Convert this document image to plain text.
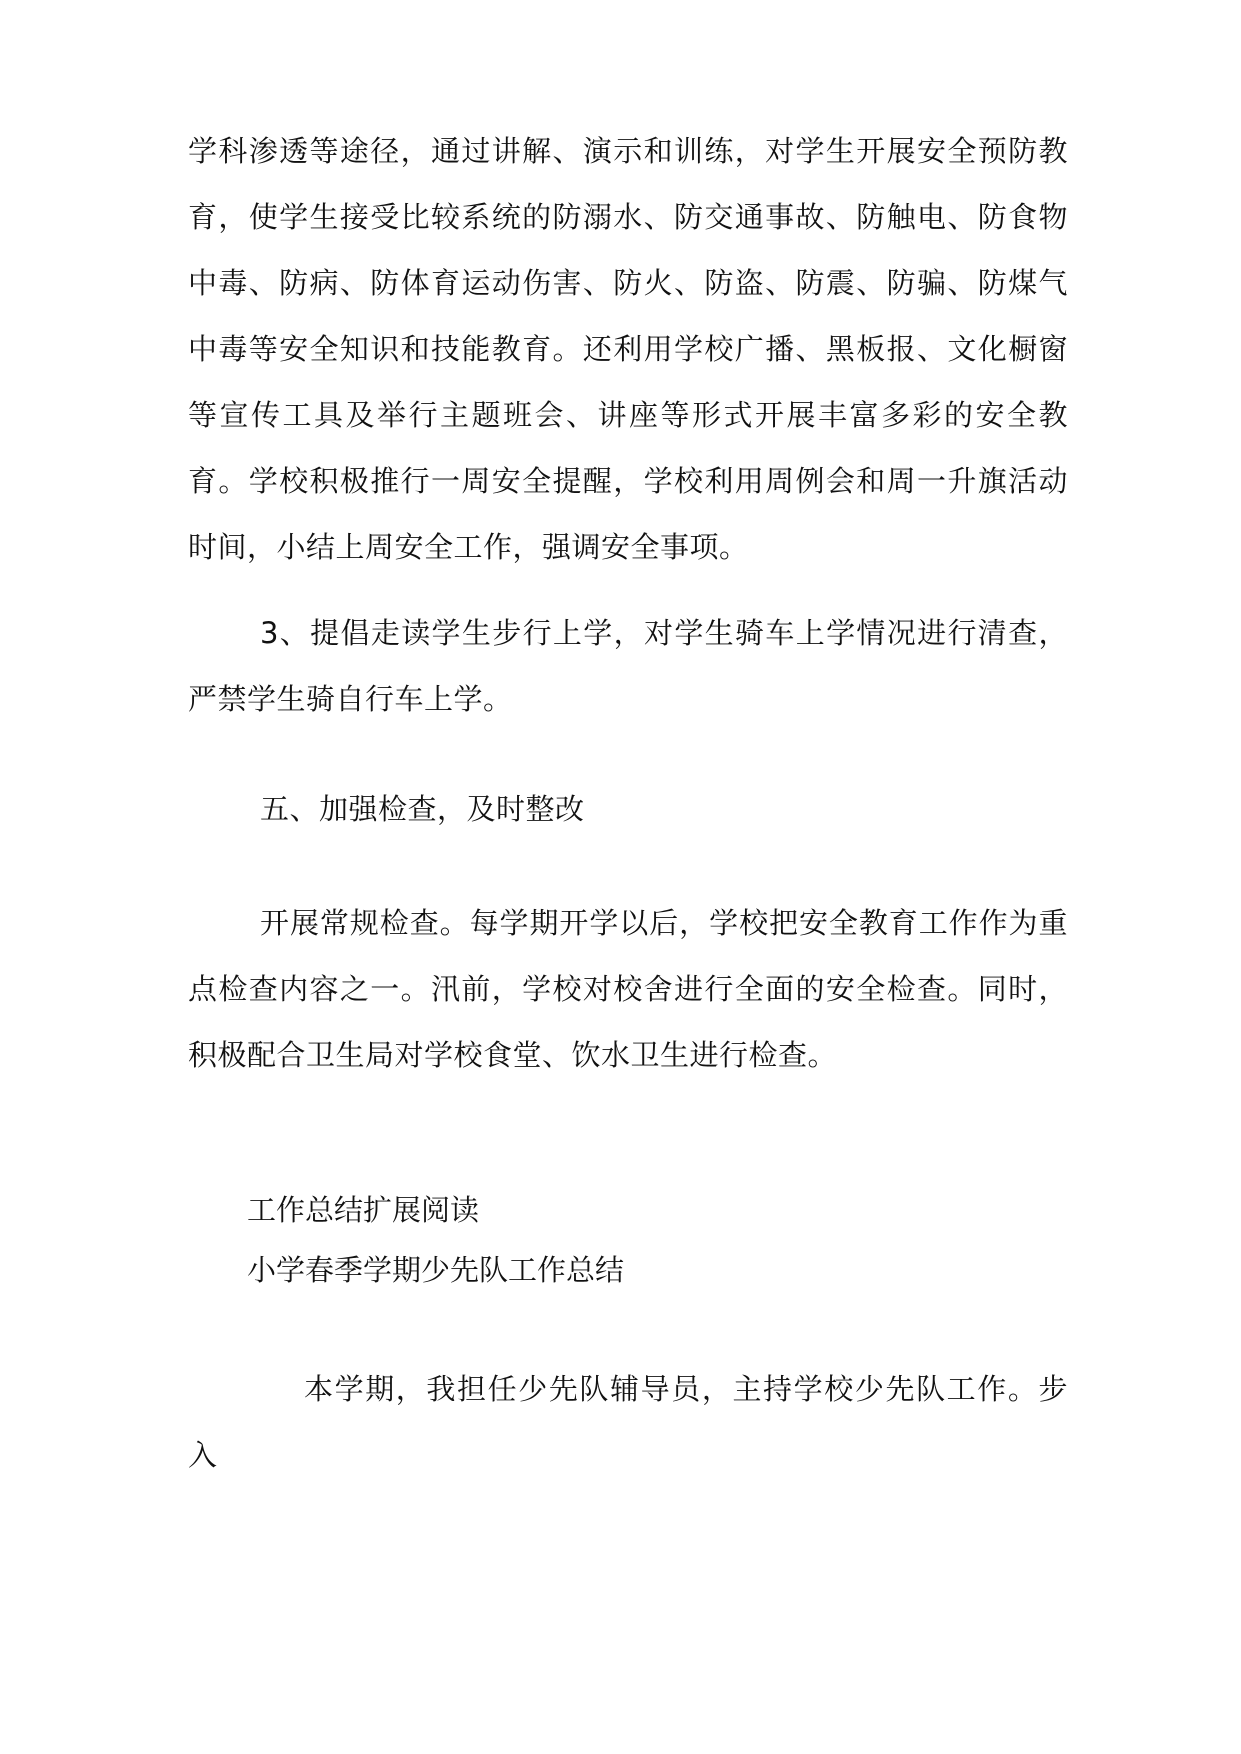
学科渗透等途径，通过讲解、演示和训练，对学生开展安全预防教育，使学生接受比较系统的防溺水、防交通事故、防触电、防食物中毒、防病、防体育运动伤害、防火、防盗、防震、防骗、防煤气中毒等安全知识和技能教育。还利用学校广播、黑板报、文化橱窗等宣传工具及举行主题班会、讲座等形式开展丰富多彩的安全教育。学校积极推行一周安全提醒，学校利用周例会和周一升旗活动时间，小结上周安全工作，强调安全事项。

3、提倡走读学生步行上学，对学生骑车上学情况进行清查，严禁学生骑自行车上学。

五、加强检查，及时整改

开展常规检查。每学期开学以后，学校把安全教育工作作为重点检查内容之一。汛前，学校对校舍进行全面的安全检查。同时，积极配合卫生局对学校食堂、饮水卫生进行检查。

工作总结扩展阅读

小学春季学期少先队工作总结

本学期，我担任少先队辅导员，主持学校少先队工作。步入
